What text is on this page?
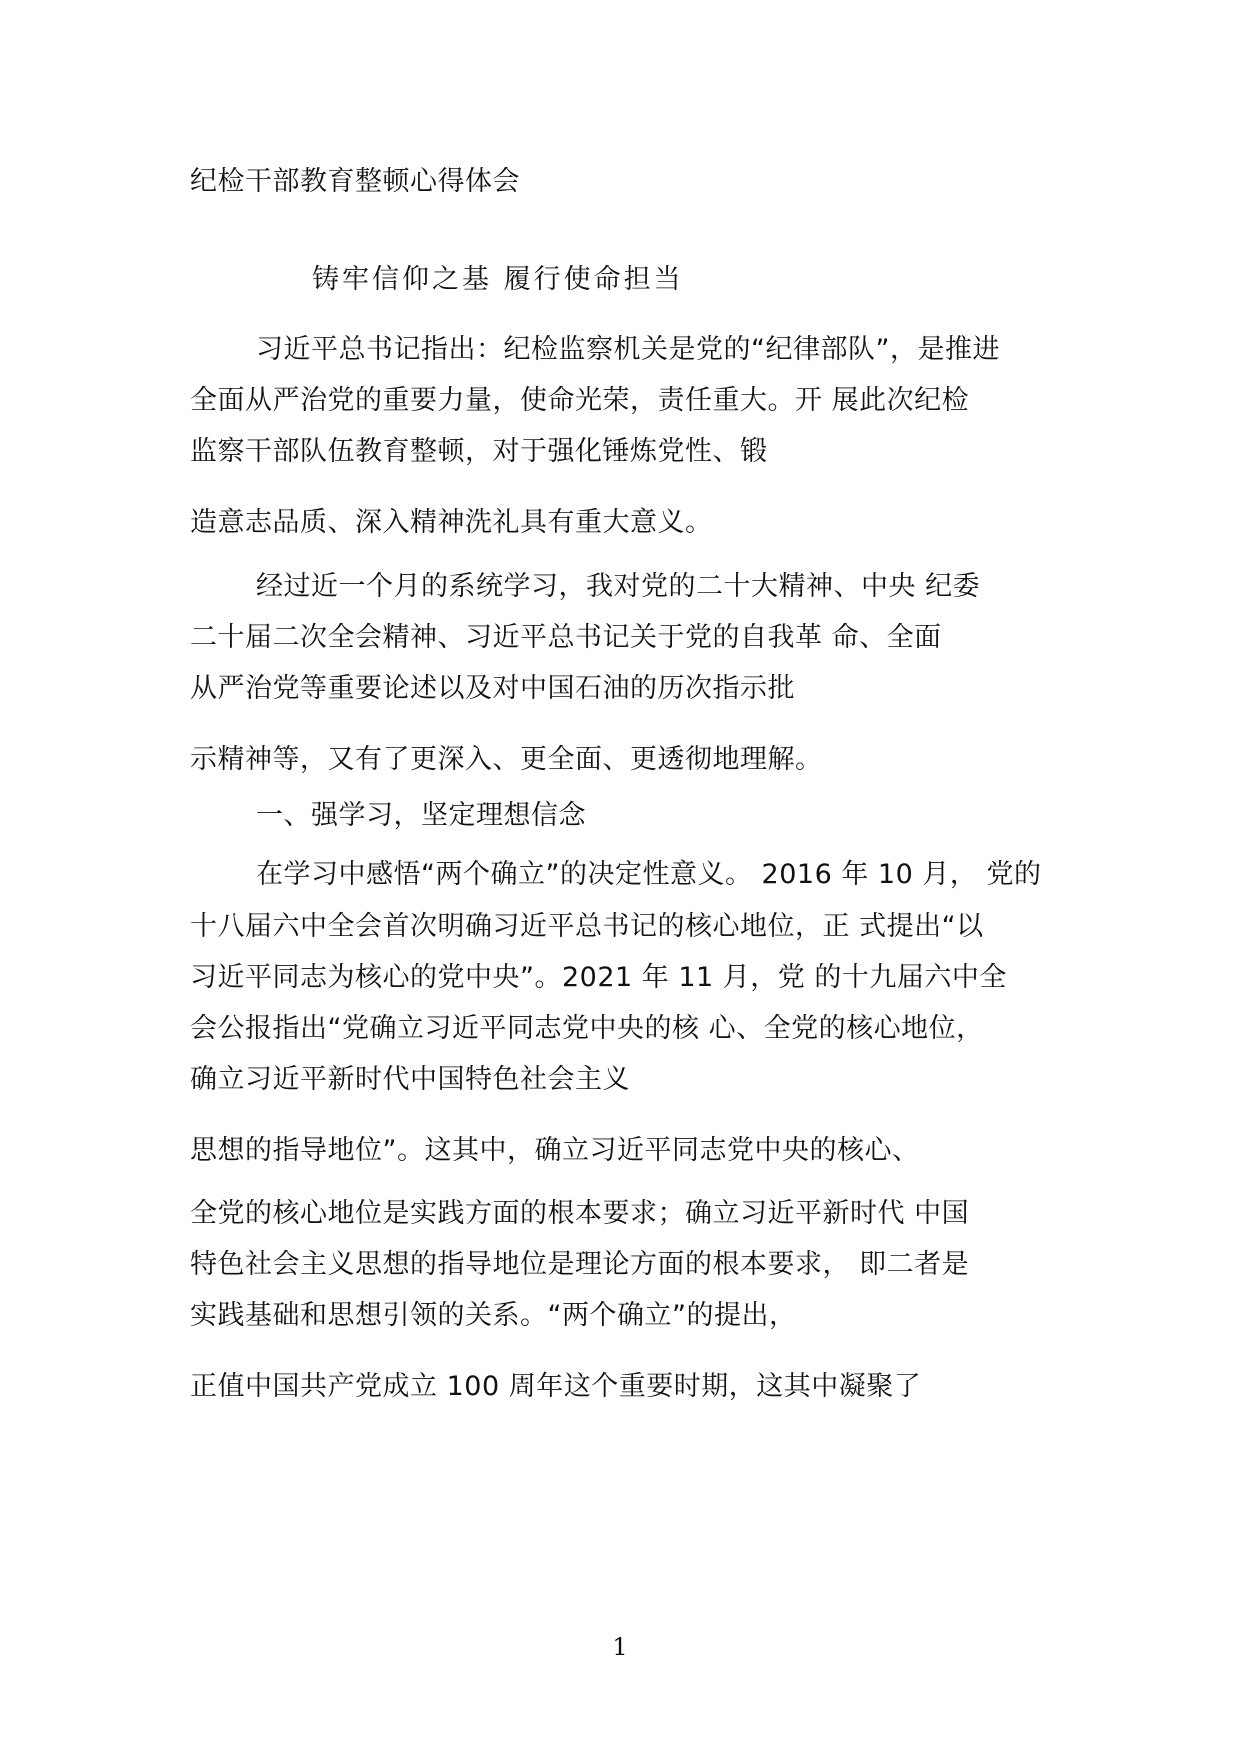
纪检干部教育整顿心得体会
铸牢信仰之基 履行使命担当
习近平总书记指出：纪检监察机关是党的“纪律部队”，是推进
全面从严治党的重要力量，使命光荣，责任重大。开 展此次纪检
监察干部队伍教育整顿，对于强化锤炼党性、锻
造意志品质、深入精神洗礼具有重大意义。
经过近一个月的系统学习，我对党的二十大精神、中央 纪委
二十届二次全会精神、习近平总书记关于党的自我革 命、全面
从严治党等重要论述以及对中国石油的历次指示批
示精神等，又有了更深入、更全面、更透彻地理解。
一、强学习，坚定理想信念
在学习中感悟“两个确立”的决定性意义。 2016 年 10 月， 党的
十八届六中全会首次明确习近平总书记的核心地位，正 式提出“以
习近平同志为核心的党中央”。2021 年 11 月，党 的十九届六中全
会公报指出“党确立习近平同志党中央的核 心、全党的核心地位，
确立习近平新时代中国特色社会主义
思想的指导地位”。这其中，确立习近平同志党中央的核心、
全党的核心地位是实践方面的根本要求；确立习近平新时代 中国
特色社会主义思想的指导地位是理论方面的根本要求， 即二者是
实践基础和思想引领的关系。“两个确立”的提出，
正值中国共产党成立 100 周年这个重要时期，这其中凝聚了
1
